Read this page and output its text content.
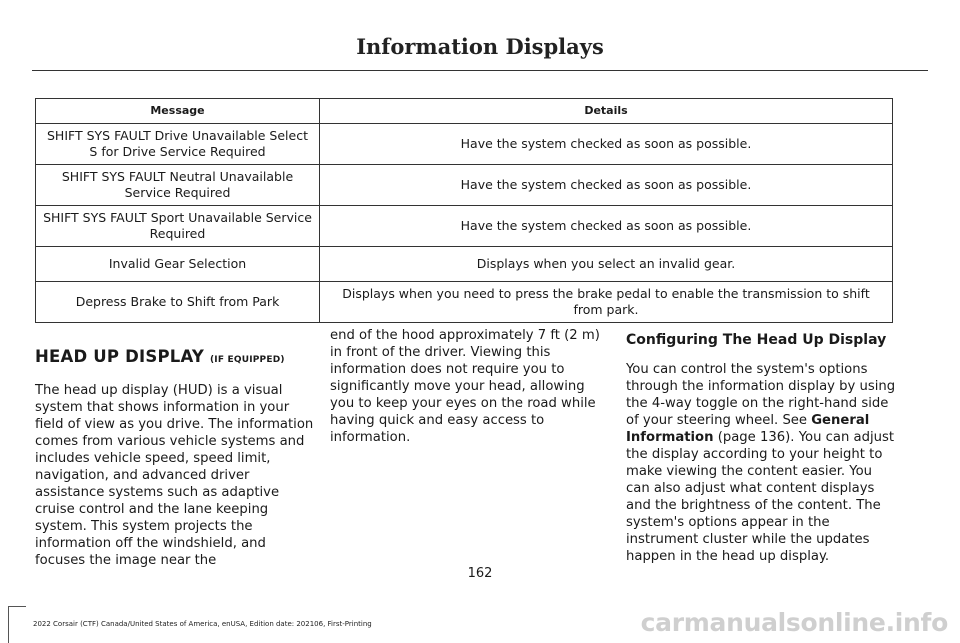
Information Displays
Message	Details
SHIFT SYS FAULT Drive Unavailable Select S for Drive Service Required	Have the system checked as soon as possible.
SHIFT SYS FAULT Neutral Unavailable Service Required	Have the system checked as soon as possible.
SHIFT SYS FAULT Sport Unavailable Service Required	Have the system checked as soon as possible.
Invalid Gear Selection	Displays when you select an invalid gear.
Depress Brake to Shift from Park	Displays when you need to press the brake pedal to enable the transmission to shift from park.
HEAD UP DISPLAY (IF EQUIPPED)

The head up display (HUD) is a visual system that shows information in your field of view as you drive. The information comes from various vehicle systems and includes vehicle speed, speed limit, navigation, and advanced driver assistance systems such as adaptive cruise control and the lane keeping system. This system projects the information off the windshield, and focuses the image near the

end of the hood approximately 7 ft (2 m) in front of the driver. Viewing this information does not require you to significantly move your head, allowing you to keep your eyes on the road while having quick and easy access to information.

Configuring The Head Up Display

You can control the system's options through the information display by using the 4-way toggle on the right-hand side of your steering wheel. See General Information (page 136). You can adjust the display according to your height to make viewing the content easier. You can also adjust what content displays and the brightness of the content. The system's options appear in the instrument cluster while the updates happen in the head up display.

162
2022 Corsair (CTF) Canada/United States of America, enUSA, Edition date: 202106, First-Printing	carmanualsonline.info
